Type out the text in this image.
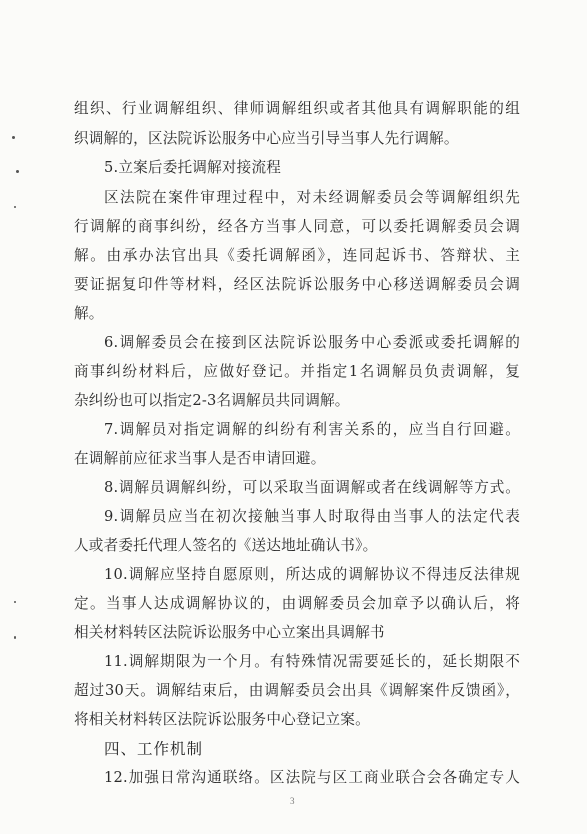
组织、行业调解组织、律师调解组织或者其他具有调解职能的组
织调解的，区法院诉讼服务中心应当引导当事人先行调解。
5.立案后委托调解对接流程
区法院在案件审理过程中，对未经调解委员会等调解组织先
行调解的商事纠纷，经各方当事人同意，可以委托调解委员会调
解。由承办法官出具《委托调解函》，连同起诉书、答辩状、主
要证据复印件等材料，经区法院诉讼服务中心移送调解委员会调
解。
6.调解委员会在接到区法院诉讼服务中心委派或委托调解的
商事纠纷材料后，应做好登记。并指定1名调解员负责调解，复
杂纠纷也可以指定2-3名调解员共同调解。
7.调解员对指定调解的纠纷有利害关系的，应当自行回避。
在调解前应征求当事人是否申请回避。
8.调解员调解纠纷，可以采取当面调解或者在线调解等方式。
9.调解员应当在初次接触当事人时取得由当事人的法定代表
人或者委托代理人签名的《送达地址确认书》。
10.调解应坚持自愿原则，所达成的调解协议不得违反法律规
定。当事人达成调解协议的，由调解委员会加章予以确认后，将
相关材料转区法院诉讼服务中心立案出具调解书
11.调解期限为一个月。有特殊情况需要延长的，延长期限不
超过30天。调解结束后，由调解委员会出具《调解案件反馈函》，
将相关材料转区法院诉讼服务中心登记立案。
四、工作机制
12.加强日常沟通联络。区法院与区工商业联合会各确定专人
3
